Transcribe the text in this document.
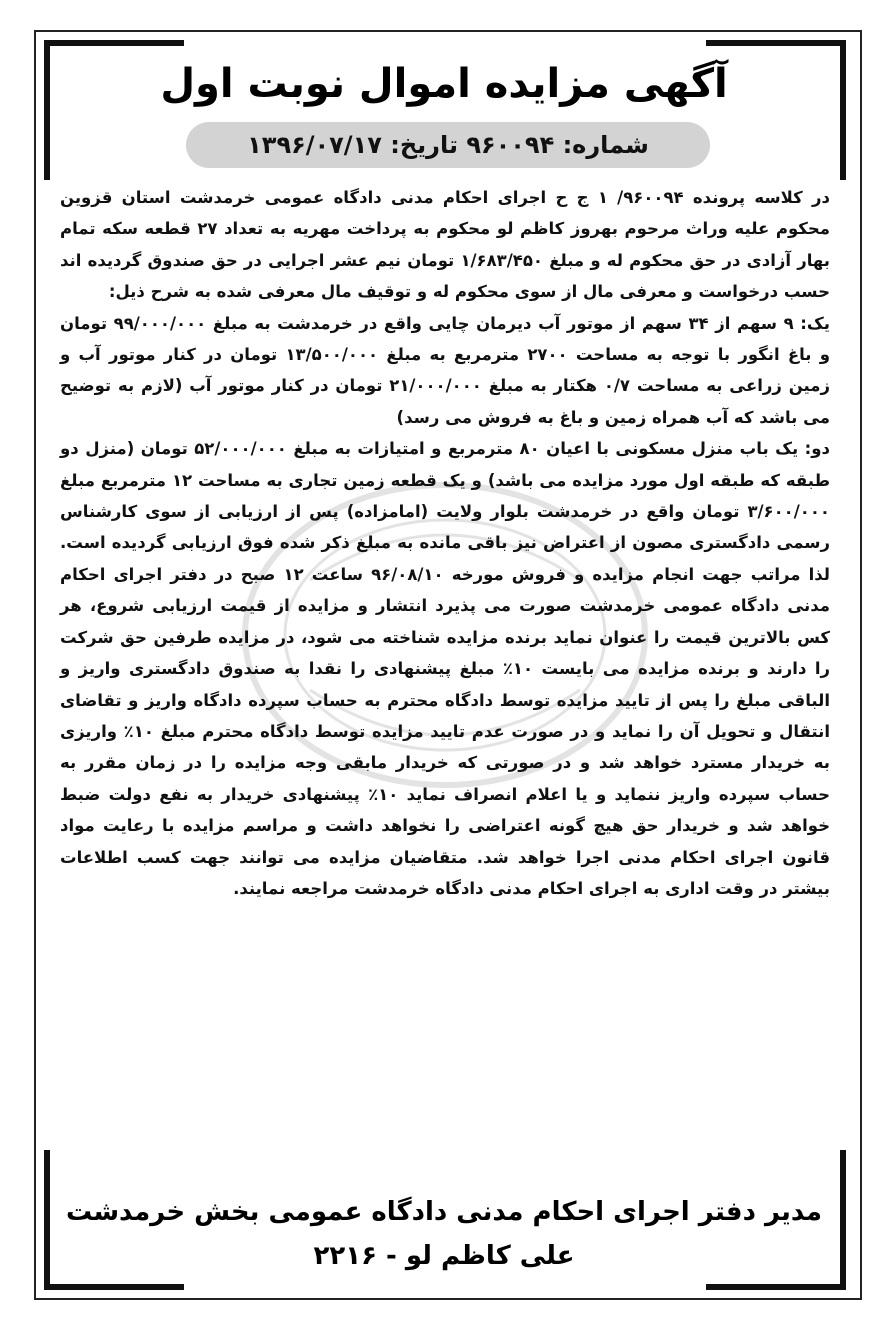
آگهی مزایده اموال نوبت اول
شماره: ۹۶۰۰۹۴ تاریخ: ۱۳۹۶/۰۷/۱۷

در کلاسه پرونده ۹۶۰۰۹۴/ ۱ ج ح اجرای احکام مدنی دادگاه عمومی خرمدشت استان قزوین محکوم علیه وراث مرحوم بهروز کاظم لو محکوم به پرداخت مهریه به تعداد ۲۷ قطعه سکه تمام بهار آزادی در حق محکوم له و مبلغ ۱/۶۸۳/۴۵۰ تومان نیم عشر اجرایی در حق صندوق گردیده اند حسب درخواست و معرفی مال از سوی محکوم له و توقیف مال معرفی شده به شرح ذیل:

یک: ۹ سهم از ۳۴ سهم از موتور آب دیرمان چایی واقع در خرمدشت به مبلغ ۹۹/۰۰۰/۰۰۰ تومان و باغ انگور با توجه به مساحت ۲۷۰۰ مترمربع به مبلغ ۱۳/۵۰۰/۰۰۰ تومان در کنار موتور آب و زمین زراعی به مساحت ۰/۷ هکتار به مبلغ ۲۱/۰۰۰/۰۰۰ تومان در کنار موتور آب (لازم به توضیح می باشد که آب همراه زمین و باغ به فروش می رسد)

دو: یک باب منزل مسکونی با اعیان ۸۰ مترمربع و امتیازات به مبلغ ۵۲/۰۰۰/۰۰۰ تومان (منزل دو طبقه که طبقه اول مورد مزایده می باشد) و یک قطعه زمین تجاری به مساحت ۱۲ مترمربع مبلغ ۳/۶۰۰/۰۰۰ تومان واقع در خرمدشت بلوار ولایت (امامزاده) پس از ارزیابی از سوی کارشناس رسمی دادگستری مصون از اعتراض نیز باقی مانده به مبلغ ذکر شده فوق ارزیابی گردیده است. لذا مراتب جهت انجام مزایده و فروش مورخه ۹۶/۰۸/۱۰ ساعت ۱۲ صبح در دفتر اجرای احکام مدنی دادگاه عمومی خرمدشت صورت می پذیرد انتشار و مزایده از قیمت ارزیابی شروع، هر کس بالاترین قیمت را عنوان نماید برنده مزایده شناخته می شود، در مزایده طرفین حق شرکت را دارند و برنده مزایده می بایست ۱۰٪ مبلغ پیشنهادی را نقدا به صندوق دادگستری واریز و الباقی مبلغ را پس از تایید مزایده توسط دادگاه محترم به حساب سپرده دادگاه واریز و تقاضای انتقال و تحویل آن را نماید و در صورت عدم تایید مزایده توسط دادگاه محترم مبلغ ۱۰٪ واریزی به خریدار مسترد خواهد شد و در صورتی که خریدار مابقی وجه مزایده را در زمان مقرر به حساب سپرده واریز ننماید و یا اعلام انصراف نماید ۱۰٪ پیشنهادی خریدار به نفع دولت ضبط خواهد شد و خریدار حق هیچ گونه اعتراضی را نخواهد داشت و مراسم مزایده با رعایت مواد قانون اجرای احکام مدنی اجرا خواهد شد. متقاضیان مزایده می توانند جهت کسب اطلاعات بیشتر در وقت اداری به اجرای احکام مدنی دادگاه خرمدشت مراجعه نمایند.

مدیر دفتر اجرای احکام مدنی دادگاه عمومی بخش خرمدشت
علی کاظم لو - ۲۲۱۶
